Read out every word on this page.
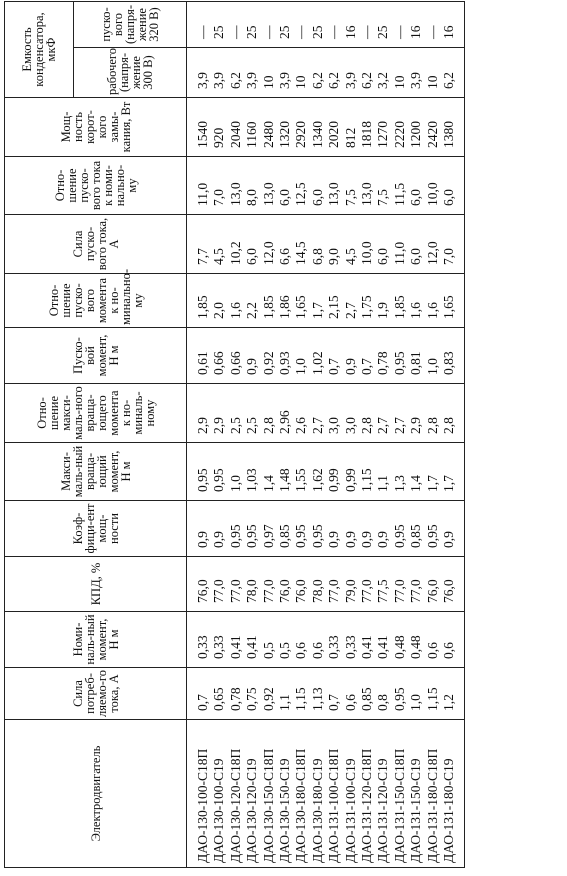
Электродвигатель	Сила потреб-ляемо-го тока, А	Номи-наль-ный момент, Н м	КПД, %	Коэф-фици-ент мощ-ности	Макси-маль-ный враща-ющий момент, Н м	Отно-шение макси-маль-ного враща-ющего момента к но-миналь-ному	Пуско-вой момент, Н м	Отно-шение пуско-вого момента к но-минально-му	Сила пуско-вого тока, А	Отно-шение пуско-вого тока к номи-нально-му	Мощ-ность корот-кого замы-кания, Вт	Емкость конденсатора, мкФ	
												рабочего (напря-жение 300 В)	пуско-вого (напря-жение 320 В)
ДАО-130-100-С18П	0,7	0,33	76,0	0,9	0,95	2,9	0,61	1,85	7,7	11,0	1540	3,9	—
ДАО-130-100-С19	0,65	0,33	77,0	0,9	0,95	2,9	0,66	2,0	4,5	7,0	920	3,9	25
ДАО-130-120-С18П	0,78	0,41	77,0	0,95	1,0	2,5	0,66	1,6	10,2	13,0	2040	6,2	—
ДАО-130-120-С19	0,75	0,41	78,0	0,95	1,03	2,5	0,9	2,2	6,0	8,0	1160	3,9	25
ДАО-130-150-С18П	0,92	0,5	77,0	0,97	1,4	2,8	0,92	1,85	12,0	13,0	2480	10	—
ДАО-130-150-С19	1,1	0,5	76,0	0,85	1,48	2,96	0,93	1,86	6,6	6,0	1320	3,9	25
ДАО-130-180-С18П	1,15	0,6	76,0	0,95	1,55	2,6	1,0	1,65	14,5	12,5	2920	10	—
ДАО-130-180-С19	1,13	0,6	78,0	0,95	1,62	2,7	1,02	1,7	6,8	6,0	1340	6,2	25
ДАО-131-100-С18П	0,7	0,33	77,0	0,9	0,99	3,0	0,7	2,15	9,0	13,0	2020	6,2	—
ДАО-131-100-С19	0,6	0,33	79,0	0,9	0,99	3,0	0,9	2,7	4,5	7,5	812	3,9	16
ДАО-131-120-С18П	0,85	0,41	77,0	0,9	1,15	2,8	0,7	1,75	10,0	13,0	1818	6,2	—
ДАО-131-120-С19	0,8	0,41	77,5	0,9	1,1	2,7	0,78	1,9	6,0	7,5	1270	3,2	25
ДАО-131-150-С18П	0,95	0,48	77,0	0,95	1,3	2,7	0,95	1,85	11,0	11,5	2220	10	—
ДАО-131-150-С19	1,0	0,48	77,0	0,85	1,4	2,9	0,81	1,6	6,0	6,0	1200	3,9	16
ДАО-131-180-С18П	1,15	0,6	76,0	0,95	1,7	2,8	1,0	1,6	12,0	10,0	2420	10	—
ДАО-131-180-С19	1,2	0,6	76,0	0,9	1,7	2,8	0,83	1,65	7,0	6,0	1380	6,2	16
